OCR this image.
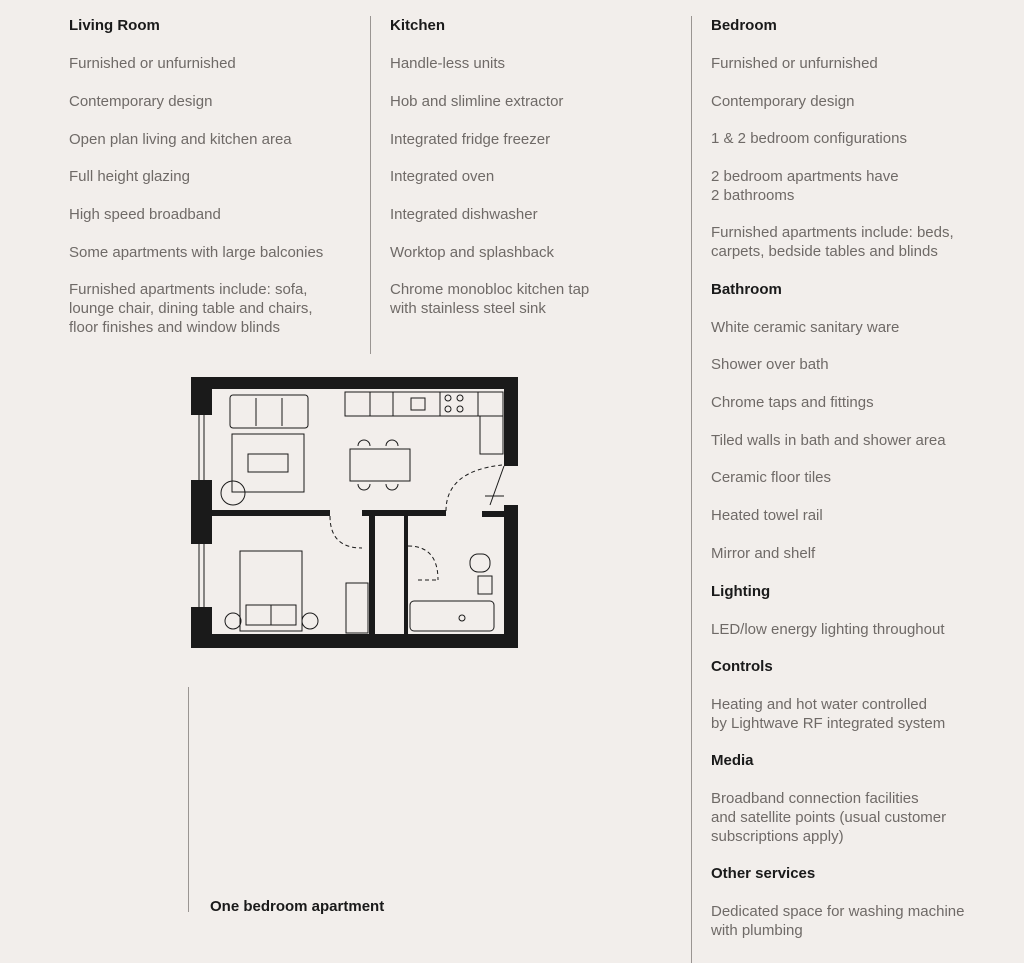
Living Room
Furnished or unfurnished
Contemporary design
Open plan living and kitchen area
Full height glazing
High speed broadband
Some apartments with large balconies
Furnished apartments include: sofa,
lounge chair, dining table and chairs,
floor finishes and window blinds
Kitchen
Handle-less units
Hob and slimline extractor
Integrated fridge freezer
Integrated oven
Integrated dishwasher
Worktop and splashback
Chrome monobloc kitchen tap
with stainless steel sink
Bedroom
Furnished or unfurnished
Contemporary design
1 & 2 bedroom configurations
2 bedroom apartments have
2 bathrooms
Furnished apartments include: beds,
carpets, bedside tables and blinds
Bathroom
White ceramic sanitary ware
Shower over bath
Chrome taps and fittings
Tiled walls in bath and shower area
Ceramic floor tiles
Heated towel rail
Mirror and shelf
Lighting
LED/low energy lighting throughout
Controls
Heating and hot water controlled
by Lightwave RF integrated system
Media
Broadband connection facilities
and satellite points (usual customer
subscriptions apply)
Other services
Dedicated space for washing machine
with plumbing
One bedroom apartment
